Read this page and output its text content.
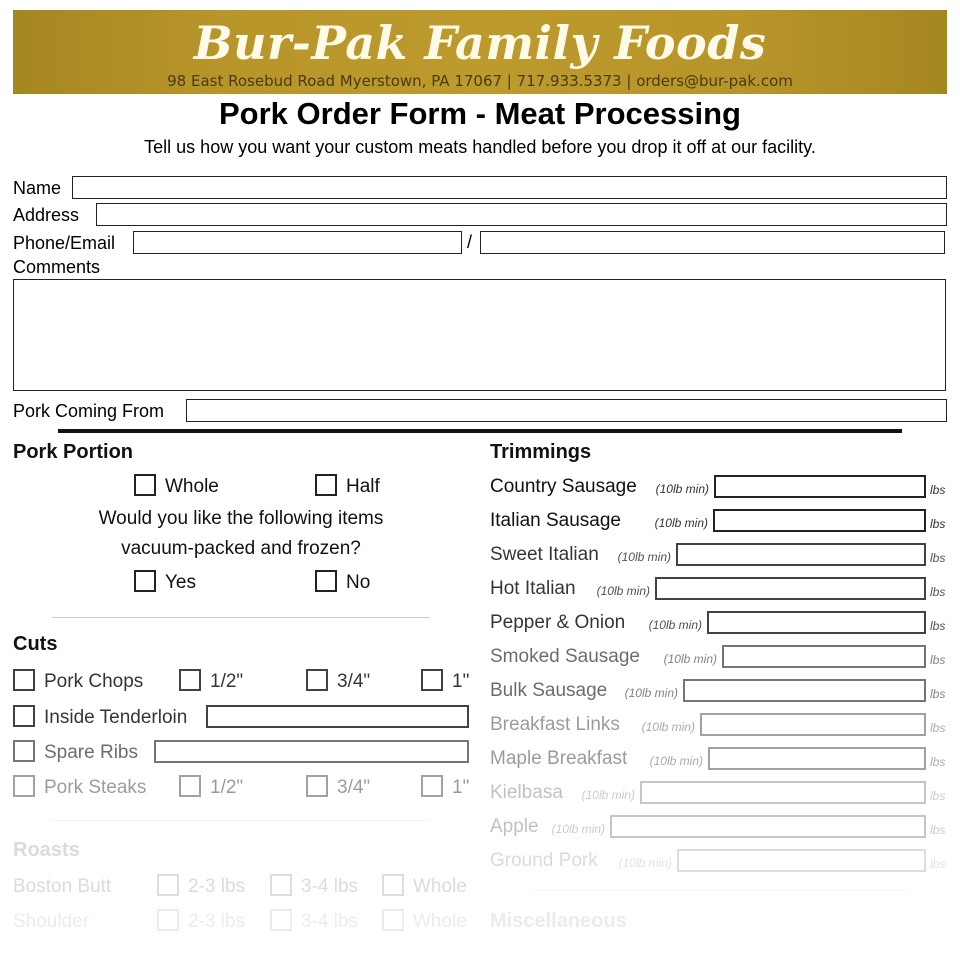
Bur-Pak Family Foods
98 East Rosebud Road Myerstown, PA 17067 | 717.933.5373 | orders@bur-pak.com
Pork Order Form - Meat Processing
Tell us how you want your custom meats handled before you drop it off at our facility.
Name
Address
Phone/Email	/
Comments
Pork Coming From
Pork Portion
Whole	Half
Would you like the following items
vacuum-packed and frozen?
Yes	No
Cuts
Pork Chops	1/2"	3/4"	1"
Inside Tenderloin
Spare Ribs
Pork Steaks	1/2"	3/4"	1"
Roasts
Boston Butt	2-3 lbs	3-4 lbs	Whole
Shoulder	2-3 lbs	3-4 lbs	Whole
Trimmings
Country Sausage (10lb min)	lbs
Italian Sausage	(10lb min)	lbs
Sweet Italian (10lb min)	lbs
Hot Italian (10lb min)	lbs
Pepper & Onion (10lb min)	lbs
Smoked Sausage (10lb min)	lbs
Bulk Sausage (10lb min)	lbs
Breakfast Links (10lb min)	lbs
Maple Breakfast (10lb min)	lbs
Kielbasa (10lb min)	lbs
Apple (10lb min)	lbs
Ground Pork (10lb min)	lbs
Miscellaneous
